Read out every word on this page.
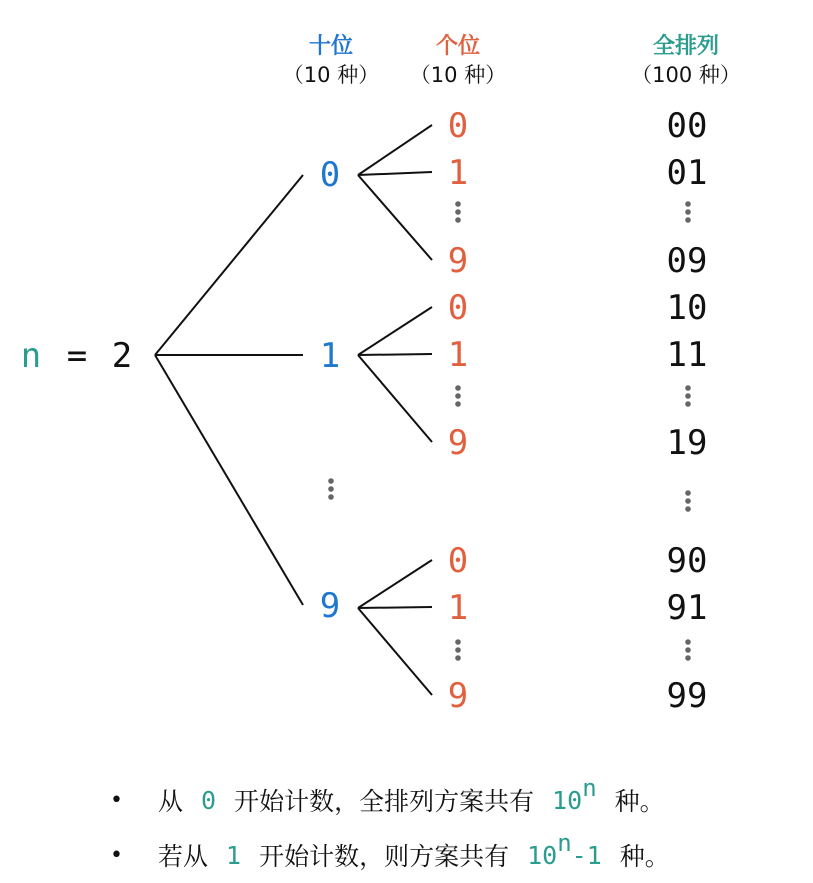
十位
（10 种）
个位
（10 种）
全排列
（100 种）
n = 2
0
1
9
0
1
9
0
1
9
0
1
9
00
01
09
10
11
19
90
91
99
•	从 0 开始计数，全排列方案共有 10 n 种。
•	若从 1 开始计数，则方案共有 10 n -1 种。
